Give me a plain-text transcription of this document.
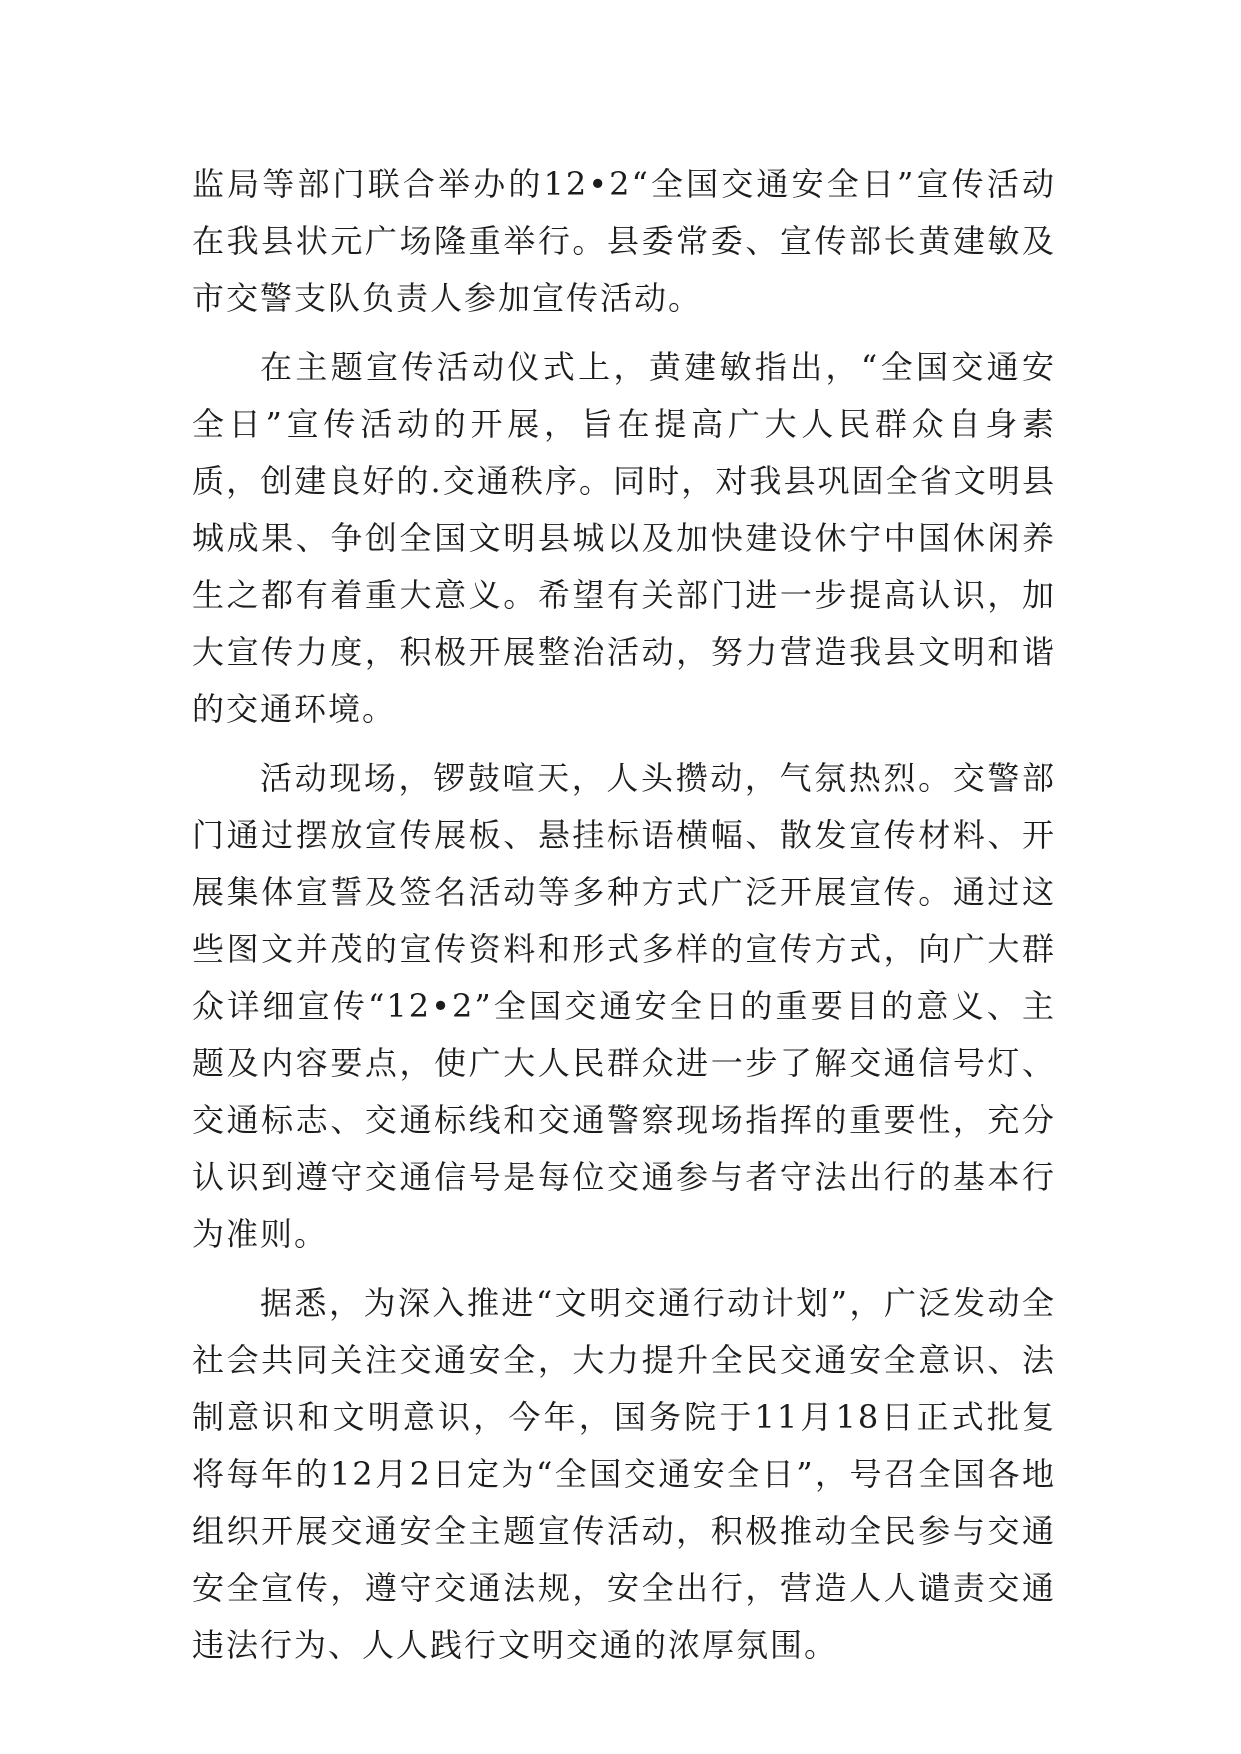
监局等部门联合举办的12•2“全国交通安全日”宣传活动在我县状元广场隆重举行。县委常委、宣传部长黄建敏及市交警支队负责人参加宣传活动。

在主题宣传活动仪式上，黄建敏指出，“全国交通安全日”宣传活动的开展，旨在提高广大人民群众自身素质，创建良好的.交通秩序。同时，对我县巩固全省文明县城成果、争创全国文明县城以及加快建设休宁中国休闲养生之都有着重大意义。希望有关部门进一步提高认识，加大宣传力度，积极开展整治活动，努力营造我县文明和谐的交通环境。

活动现场，锣鼓喧天，人头攒动，气氛热烈。交警部门通过摆放宣传展板、悬挂标语横幅、散发宣传材料、开展集体宣誓及签名活动等多种方式广泛开展宣传。通过这些图文并茂的宣传资料和形式多样的宣传方式，向广大群众详细宣传“12•2”全国交通安全日的重要目的意义、主题及内容要点，使广大人民群众进一步了解交通信号灯、交通标志、交通标线和交通警察现场指挥的重要性，充分认识到遵守交通信号是每位交通参与者守法出行的基本行为准则。

据悉，为深入推进“文明交通行动计划”，广泛发动全社会共同关注交通安全，大力提升全民交通安全意识、法制意识和文明意识，今年，国务院于11月18日正式批复将每年的12月2日定为“全国交通安全日”，号召全国各地组织开展交通安全主题宣传活动，积极推动全民参与交通安全宣传，遵守交通法规，安全出行，营造人人谴责交通违法行为、人人践行文明交通的浓厚氛围。
